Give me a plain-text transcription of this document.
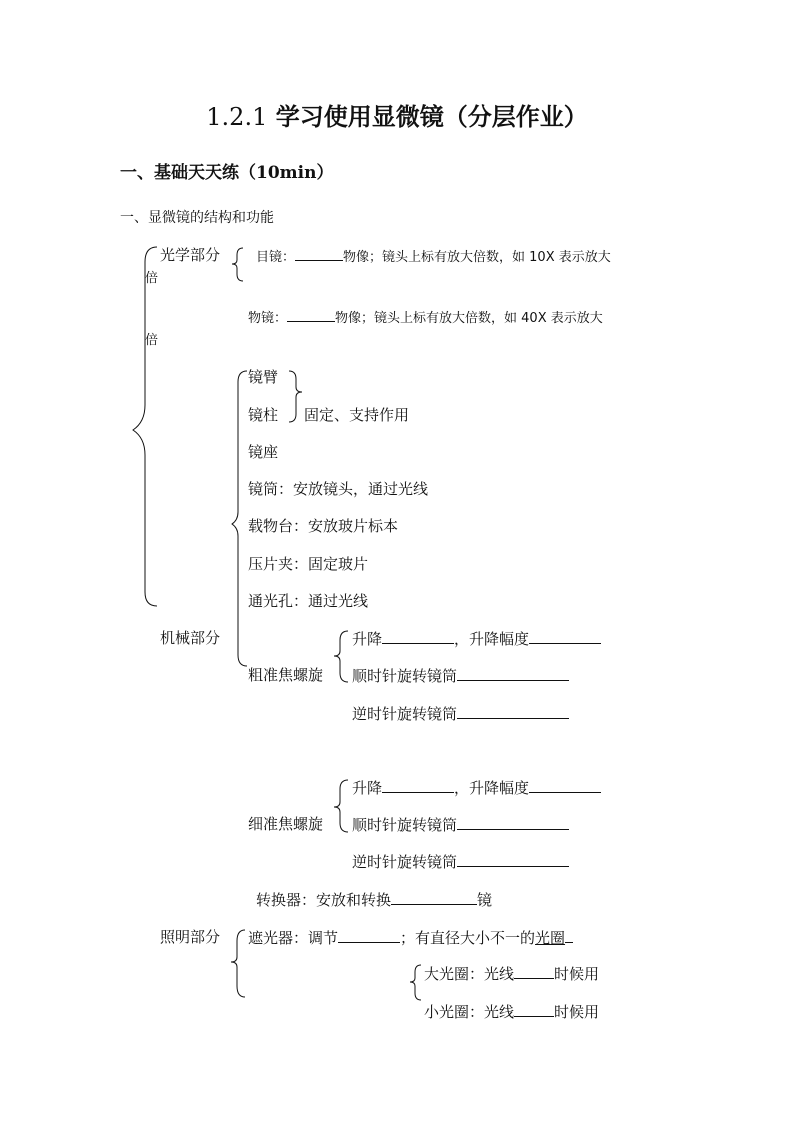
1.2.1 学习使用显微镜（分层作业）
一、基础天天练（10min）
一、显微镜的结构和功能
光学部分
倍
目镜：	物像；镜头上标有放大倍数，如 10X 表示放大
物镜：	物像；镜头上标有放大倍数，如 40X 表示放大
倍
镜臂
镜柱 固定、支持作用
镜座
镜筒：安放镜头，通过光线
载物台：安放玻片标本
压片夹：固定玻片
通光孔：通过光线
机械部分	升降	，升降幅度
粗准焦螺旋 顺时针旋转镜筒
逆时针旋转镜筒
升降	，升降幅度
细准焦螺旋 顺时针旋转镜筒
逆时针旋转镜筒
转换器：安放和转换	镜
照明部分 遮光器：调节	；有直径大小不一的光圈
大光圈：光线	时候用
小光圈：光线	时候用
